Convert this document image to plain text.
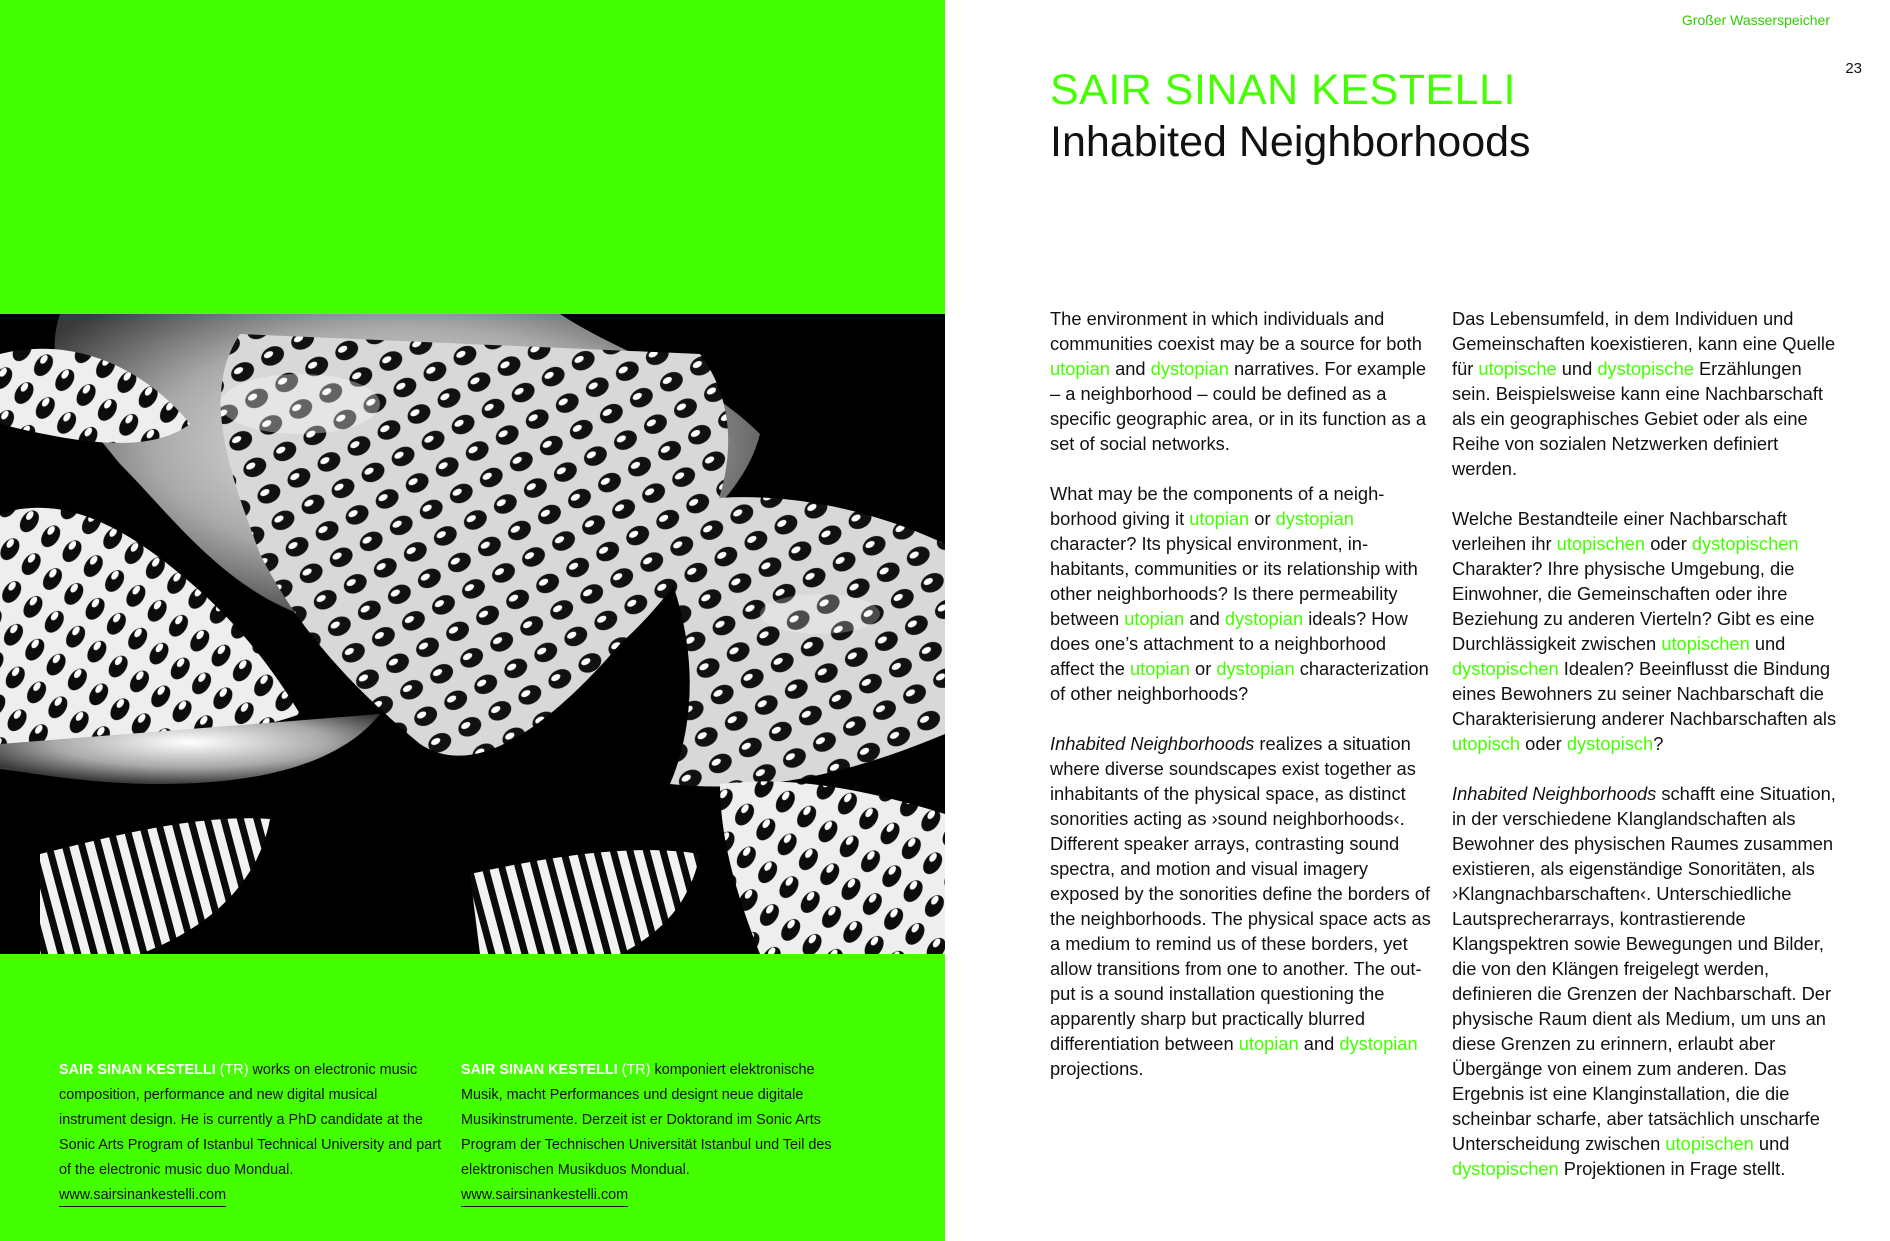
SAIR SINAN KESTELLI (TR) works on electronic music composition, performance and new digital musical instrument design. He is currently a PhD candidate at the Sonic Arts Program of Istanbul Technical University and part of the electronic music duo Mondual.
www.sairsinankestelli.com
SAIR SINAN KESTELLI (TR) komponiert elektronische Musik, macht Performances und designt neue digitale Musikinstrumente. Derzeit ist er Doktorand im Sonic Arts Program der Technischen Universität Istanbul und Teil des elektronischen Musikduos Mondual.
www.sairsinankestelli.com
Großer Wasserspeicher
23
SAIR SINAN KESTELLI
Inhabited Neighborhoods

The environment in which individuals and communities coexist may be a source for both utopian and dystopian narratives. For example – a neighborhood – could be defined as a specific geographic area, or in its function as a set of social networks.

What may be the components of a neighborhood giving it utopian or dystopian character? Its physical environment, inhabitants, communities or its relationship with other neighborhoods? Is there permeability between utopian and dystopian ideals? How does one’s attachment to a neighborhood affect the utopian or dystopian characterization of other neighborhoods?

Inhabited Neighborhoods realizes a situation where diverse soundscapes exist together as inhabitants of the physical space, as distinct sonorities acting as ›sound neighborhoods‹. Different speaker arrays, contrasting sound spectra, and motion and visual imagery exposed by the sonorities define the borders of the neighborhoods. The physical space acts as a medium to remind us of these borders, yet allow transitions from one to another. The output is a sound installation questioning the apparently sharp but practically blurred differentiation between utopian and dystopian projections.

Das Lebensumfeld, in dem Individuen und Gemeinschaften koexistieren, kann eine Quelle für utopische und dystopische Erzählungen sein. Beispielsweise kann eine Nachbarschaft als ein geographisches Gebiet oder als eine Reihe von sozialen Netzwerken definiert werden.

Welche Bestandteile einer Nachbarschaft verleihen ihr utopischen oder dystopischen Charakter? Ihre physische Umgebung, die Einwohner, die Gemeinschaften oder ihre Beziehung zu anderen Vierteln? Gibt es eine Durchlässigkeit zwischen utopischen und dystopischen Idealen? Beeinflusst die Bindung eines Bewohners zu seiner Nachbarschaft die Charakterisierung anderer Nachbarschaften als utopisch oder dystopisch?

Inhabited Neighborhoods schafft eine Situation, in der verschiedene Klanglandschaften als Bewohner des physischen Raumes zusammen existieren, als eigenständige Sonoritäten, als ›Klangnachbarschaften‹. Unterschiedliche Lautsprecherarrays, kontrastierende Klangspektren sowie Bewegungen und Bilder, die von den Klängen freigelegt werden, definieren die Grenzen der Nachbarschaft. Der physische Raum dient als Medium, um uns an diese Grenzen zu erinnern, erlaubt aber Übergänge von einem zum anderen. Das Ergebnis ist eine Klanginstallation, die die scheinbar scharfe, aber tatsächlich unscharfe Unterscheidung zwischen utopischen und dystopischen Projektionen in Frage stellt.
